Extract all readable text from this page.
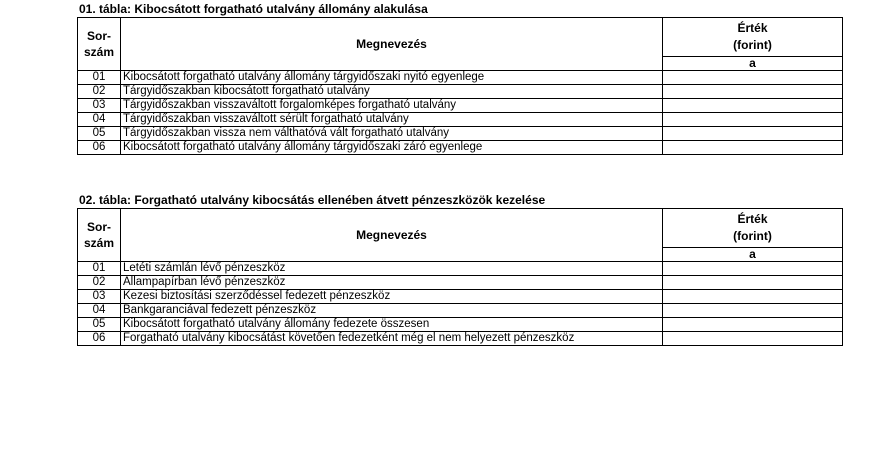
01. tábla: Kibocsátott forgatható utalvány állomány alakulása
Sor-
szám	Megnevezés	Érték
(forint)
		a
01	Kibocsátott forgatható utalvány állomány tárgyidőszaki nyitó egyenlege	
02	Tárgyidőszakban kibocsátott forgatható utalvány	
03	Tárgyidőszakban visszaváltott forgalomképes forgatható utalvány	
04	Tárgyidőszakban visszaváltott sérült forgatható utalvány	
05	Tárgyidőszakban vissza nem válthatóvá vált forgatható utalvány	
06	Kibocsátott forgatható utalvány állomány tárgyidőszaki záró egyenlege	
02. tábla: Forgatható utalvány kibocsátás ellenében átvett pénzeszközök kezelése
Sor-
szám	Megnevezés	Érték
(forint)
		a
01	Letéti számlán lévő pénzeszköz	
02	Állampapírban lévő pénzeszköz	
03	Kezesi biztosítási szerződéssel fedezett pénzeszköz	
04	Bankgaranciával fedezett pénzeszköz	
05	Kibocsátott forgatható utalvány állomány fedezete összesen	
06	Forgatható utalvány kibocsátást követően fedezetként még el nem helyezett pénzeszköz	
